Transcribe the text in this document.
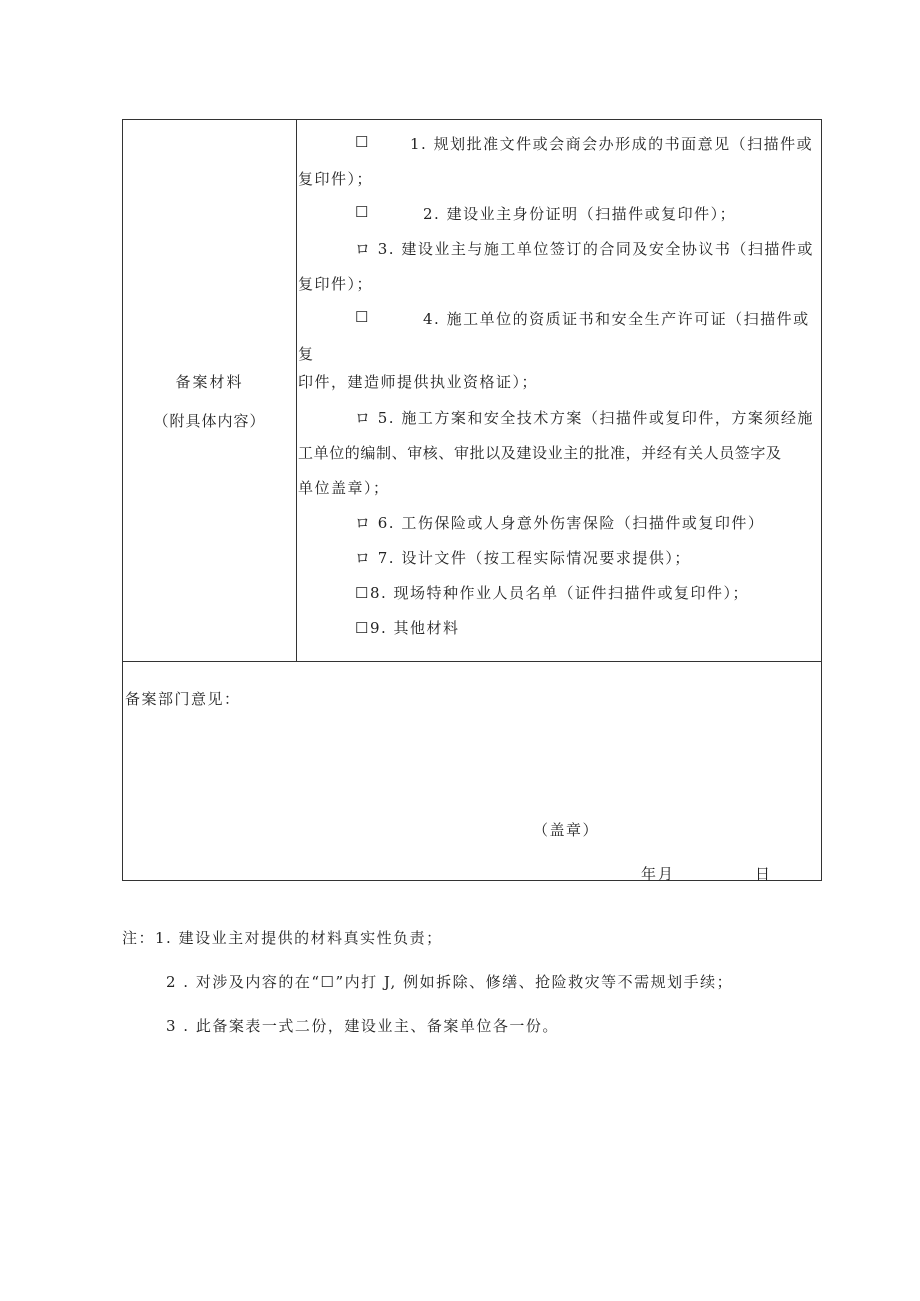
备案材料
（附具体内容）
☐	1. 规划批准文件或会商会办形成的书面意见（扫描件或
复印件）；
☐	2. 建设业主身份证明（扫描件或复印件）；
ロ 3. 建设业主与施工单位签订的合同及安全协议书（扫描件或
复印件）；
☐	4. 施工单位的资质证书和安全生产许可证（扫描件或
复
印件，建造师提供执业资格证）；
ロ 5. 施工方案和安全技术方案（扫描件或复印件，方案须经施
工单位的编制、审核、审批以及建设业主的批准，并经有关人员签字及
单位盖章）；
ロ 6. 工伤保险或人身意外伤害保险（扫描件或复印件）
ロ 7. 设计文件（按工程实际情况要求提供）；
☐8. 现场特种作业人员名单（证件扫描件或复印件）；
☐9. 其他材料
备案部门意见：
（盖章）
年月	日
注：1. 建设业主对提供的材料真实性负责；
2 . 对涉及内容的在“☐”内打 J, 例如拆除、修缮、抢险救灾等不需规划手续；
3 . 此备案表一式二份，建设业主、备案单位各一份。
